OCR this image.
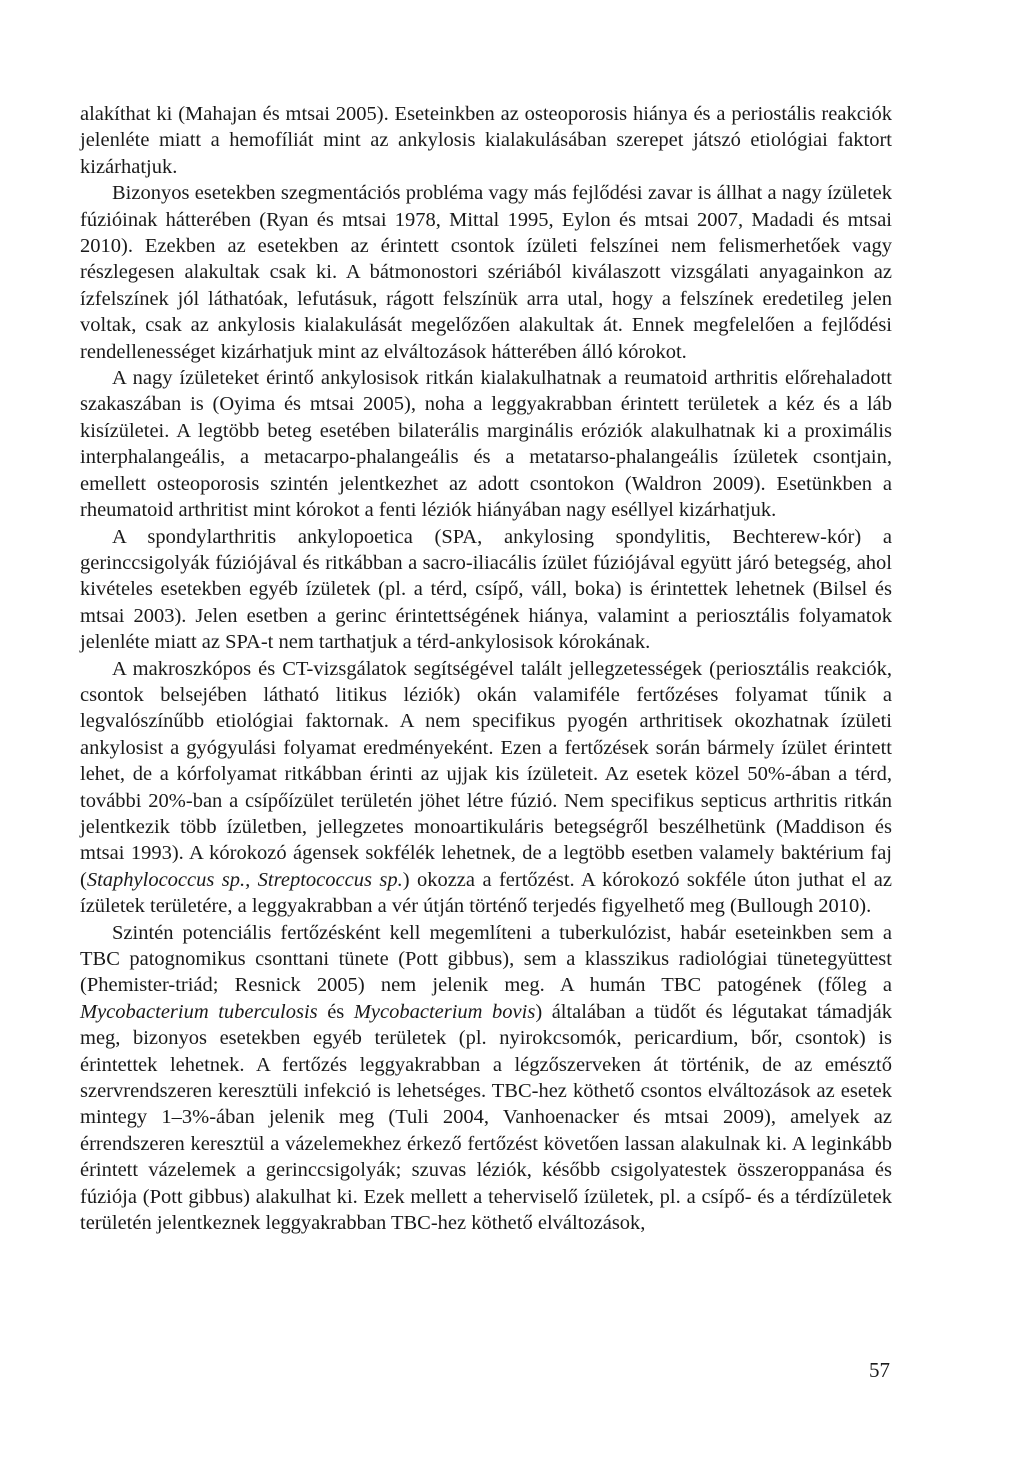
alakíthat ki (Mahajan és mtsai 2005). Eseteinkben az osteoporosis hiánya és a periostális reakciók jelenléte miatt a hemofíliát mint az ankylosis kialakulásában szerepet játszó etiológiai faktort kizárhatjuk.

Bizonyos esetekben szegmentációs probléma vagy más fejlődési zavar is állhat a nagy ízületek fúzióinak hátterében (Ryan és mtsai 1978, Mittal 1995, Eylon és mtsai 2007, Madadi és mtsai 2010). Ezekben az esetekben az érintett csontok ízületi felszínei nem felismerhetőek vagy részlegesen alakultak csak ki. A bátmonostori szériából kiválaszott vizsgálati anyagainkon az ízfelszínek jól láthatóak, lefutásuk, rágott felszínük arra utal, hogy a felszínek eredetileg jelen voltak, csak az ankylosis kialakulását megelőzően alakultak át. Ennek megfelelően a fejlődési rendellenességet kizárhatjuk mint az elváltozások hátterében álló kórokot.

A nagy ízületeket érintő ankylosisok ritkán kialakulhatnak a reumatoid arthritis előrehaladott szakaszában is (Oyima és mtsai 2005), noha a leggyakrabban érintett területek a kéz és a láb kisízületei. A legtöbb beteg esetében bilaterális marginális eróziók alakulhatnak ki a proximális interphalangeális, a metacarpo-phalangeális és a metatarso-phalangeális ízületek csontjain, emellett osteoporosis szintén jelentkezhet az adott csontokon (Waldron 2009). Esetünkben a rheumatoid arthritist mint kórokot a fenti léziók hiányában nagy eséllyel kizárhatjuk.

A spondylarthritis ankylopoetica (SPA, ankylosing spondylitis, Bechterew-kór) a gerinccsigolyák fúziójával és ritkábban a sacro-iliacális ízület fúziójával együtt járó betegség, ahol kivételes esetekben egyéb ízületek (pl. a térd, csípő, váll, boka) is érintettek lehetnek (Bilsel és mtsai 2003). Jelen esetben a gerinc érintettségének hiánya, valamint a periosztális folyamatok jelenléte miatt az SPA-t nem tarthatjuk a térd-ankylosisok kórokának.

A makroszkópos és CT-vizsgálatok segítségével talált jellegzetességek (periosztális reakciók, csontok belsejében látható litikus léziók) okán valamiféle fertőzéses folyamat tűnik a legvalószínűbb etiológiai faktornak. A nem specifikus pyogén arthritisek okozhatnak ízületi ankylosist a gyógyulási folyamat eredményeként. Ezen a fertőzések során bármely ízület érintett lehet, de a kórfolyamat ritkábban érinti az ujjak kis ízületeit. Az esetek közel 50%-ában a térd, további 20%-ban a csípőízület területén jöhet létre fúzió. Nem specifikus septicus arthritis ritkán jelentkezik több ízületben, jellegzetes monoartikuláris betegségről beszélhetünk (Maddison és mtsai 1993). A kórokozó ágensek sokfélék lehetnek, de a legtöbb esetben valamely baktérium faj (Staphylococcus sp., Streptococcus sp.) okozza a fertőzést. A kórokozó sokféle úton juthat el az ízületek területére, a leggyakrabban a vér útján történő terjedés figyelhető meg (Bullough 2010).

Szintén potenciális fertőzésként kell megemlíteni a tuberkulózist, habár eseteinkben sem a TBC patognomikus csonttani tünete (Pott gibbus), sem a klasszikus radiológiai tünetegyüttest (Phemister-triád; Resnick 2005) nem jelenik meg. A humán TBC patogének (főleg a Mycobacterium tuberculosis és Mycobacterium bovis) általában a tüdőt és légutakat támadják meg, bizonyos esetekben egyéb területek (pl. nyirokcsomók, pericardium, bőr, csontok) is érintettek lehetnek. A fertőzés leggyakrabban a légzőszerveken át történik, de az emésztő szervrendszeren keresztüli infekció is lehetséges. TBC-hez köthető csontos elváltozások az esetek mintegy 1–3%-ában jelenik meg (Tuli 2004, Vanhoenacker és mtsai 2009), amelyek az érrendszeren keresztül a vázelemekhez érkező fertőzést követően lassan alakulnak ki. A leginkább érintett vázelemek a gerinccsigolyák; szuvas léziók, később csigolyatestek összeroppanása és fúziója (Pott gibbus) alakulhat ki. Ezek mellett a teherviselő ízületek, pl. a csípő- és a térdízületek területén jelentkeznek leggyakrabban TBC-hez köthető elváltozások,

57
